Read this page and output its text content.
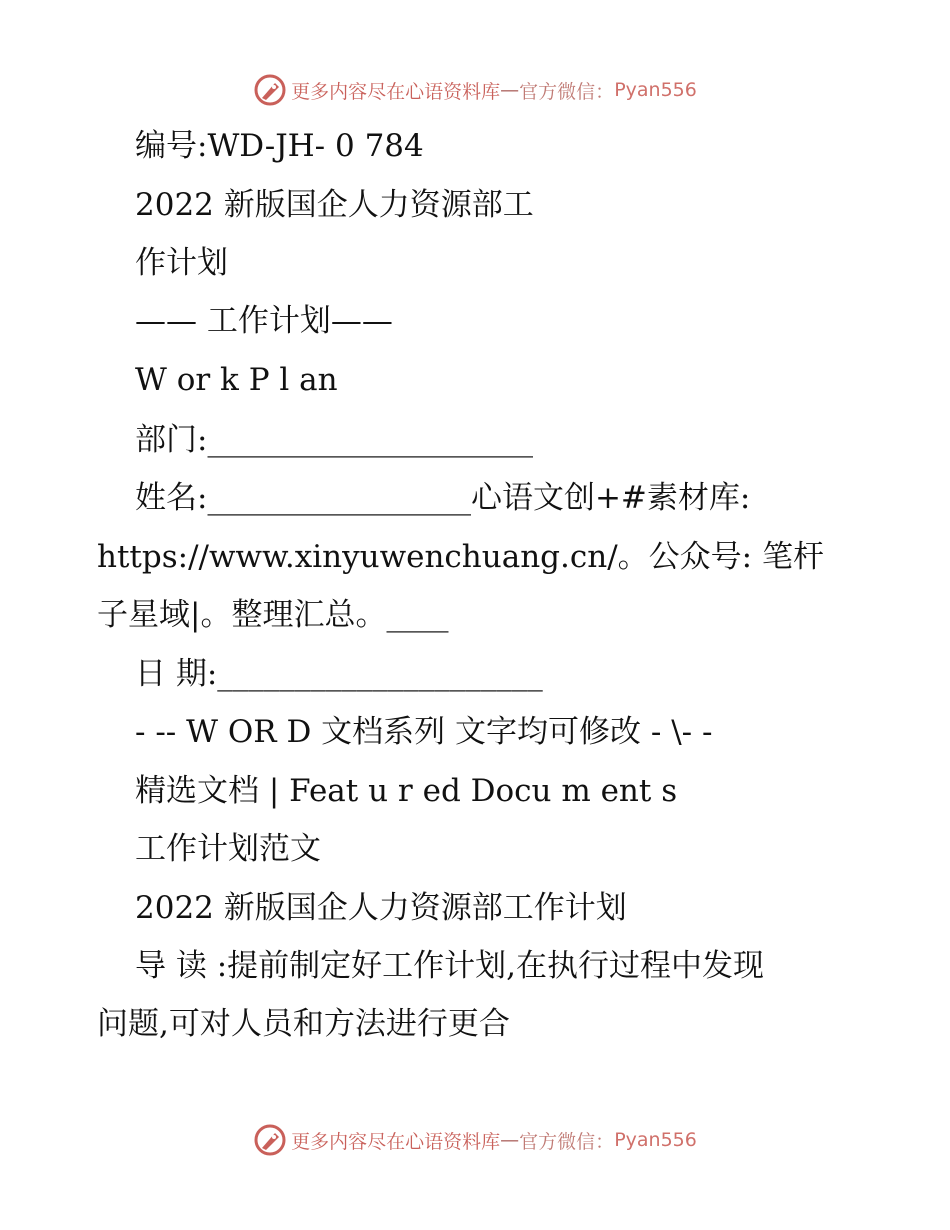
更多内容尽在心语资料库 — 官方微信： Pyan556
编号:WD-JH- 0 784
2022 新版国企人力资源部工
作计划
—— 工作计划——
W or k P l an
部门:_____________________
姓名:_________________心语文创+#素材库:
https://www.xinyuwenchuang.cn/。公众号: 笔杆
子星域|。整理汇总。____
日 期:_____________________
- -- W OR D 文档系列 文字均可修改 - \- -
精选文档 | Feat u r ed Docu m ent s
工作计划范文
2022 新版国企人力资源部工作计划
导 读 :提前制定好工作计划,在执行过程中发现
问题,可对人员和方法进行更合
更多内容尽在心语资料库 — 官方微信： Pyan556
